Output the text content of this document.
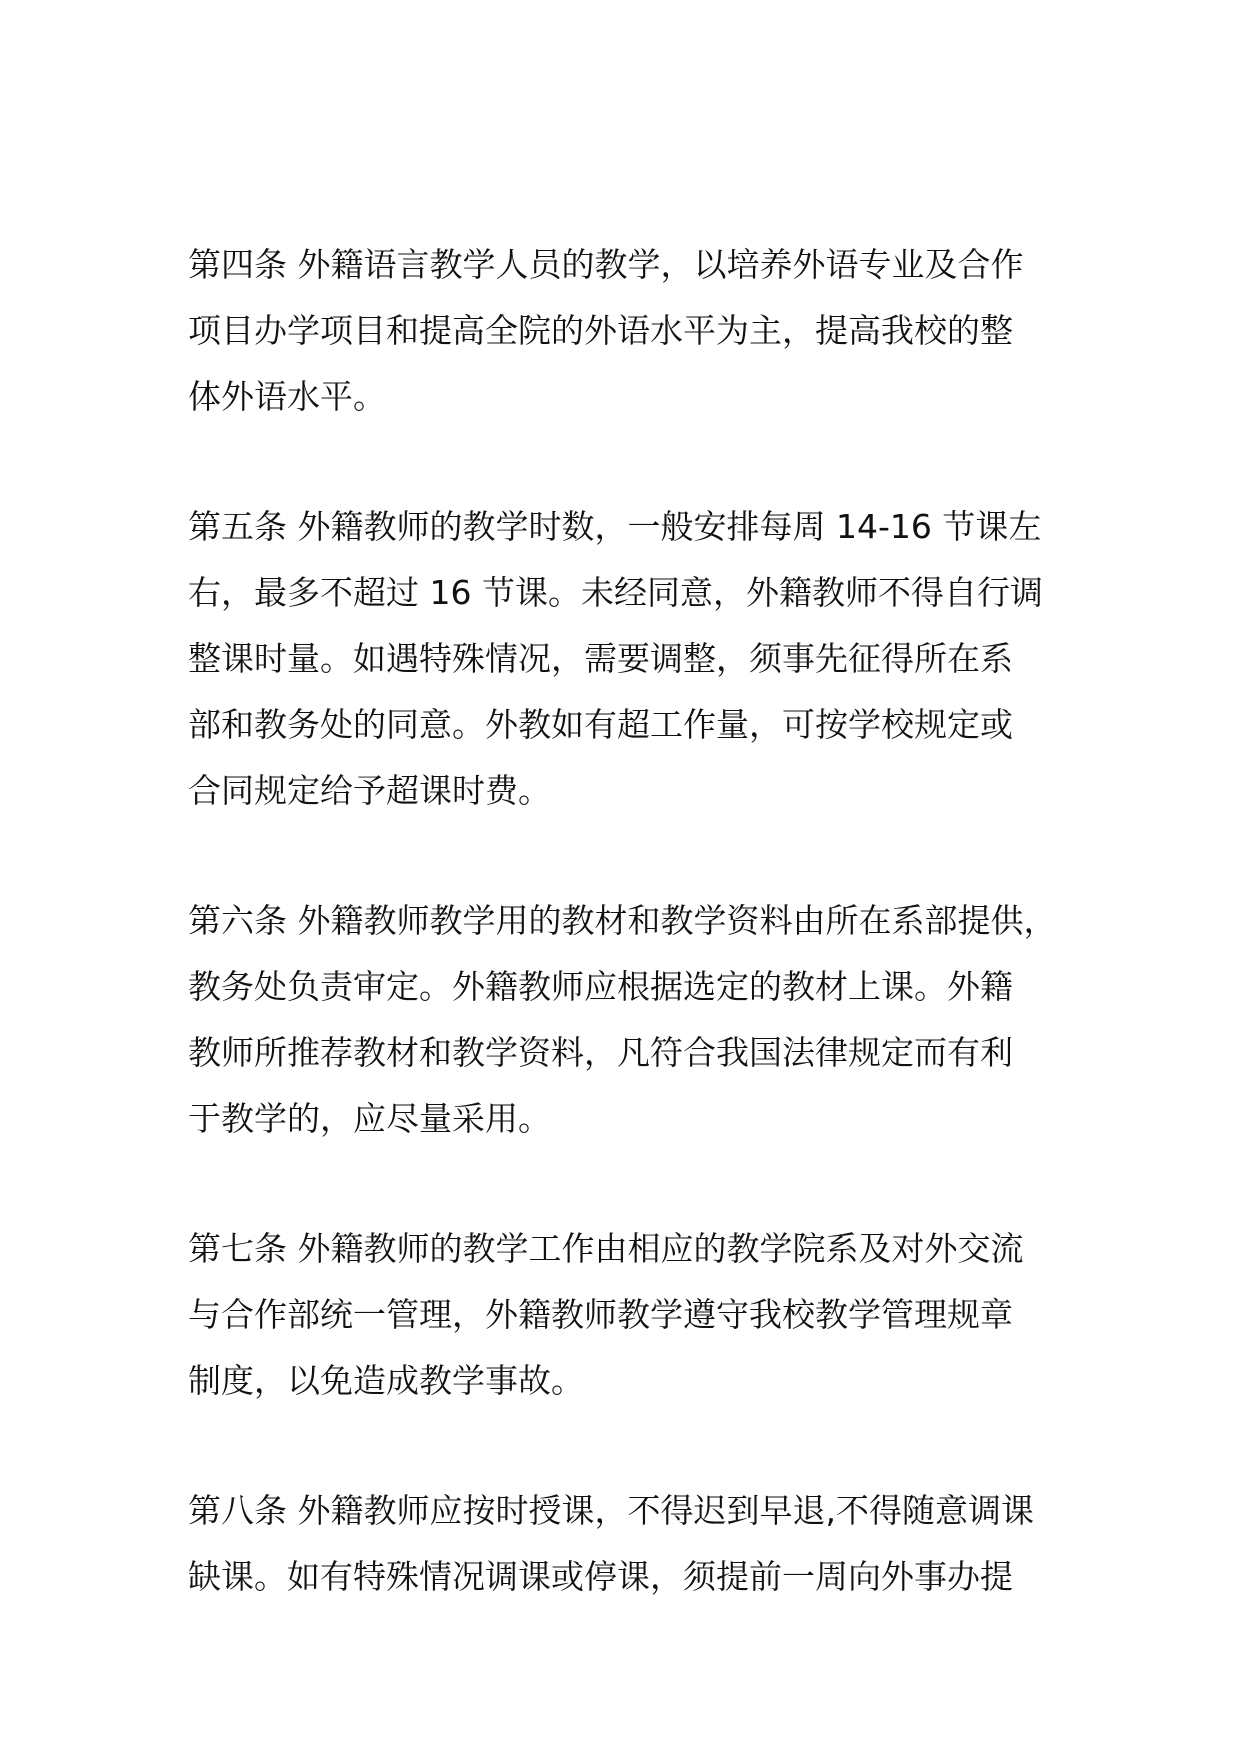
第四条 外籍语言教学人员的教学，以培养外语专业及合作
项目办学项目和提高全院的外语水平为主，提高我校的整
体外语水平。

第五条 外籍教师的教学时数，一般安排每周 14-16 节课左
右，最多不超过 16 节课。未经同意，外籍教师不得自行调
整课时量。如遇特殊情况，需要调整，须事先征得所在系
部和教务处的同意。外教如有超工作量，可按学校规定或
合同规定给予超课时费。

第六条 外籍教师教学用的教材和教学资料由所在系部提供，
教务处负责审定。外籍教师应根据选定的教材上课。外籍
教师所推荐教材和教学资料，凡符合我国法律规定而有利
于教学的，应尽量采用。

第七条 外籍教师的教学工作由相应的教学院系及对外交流
与合作部统一管理，外籍教师教学遵守我校教学管理规章
制度，以免造成教学事故。

第八条 外籍教师应按时授课，不得迟到早退,不得随意调课
缺课。如有特殊情况调课或停课，须提前一周向外事办提
